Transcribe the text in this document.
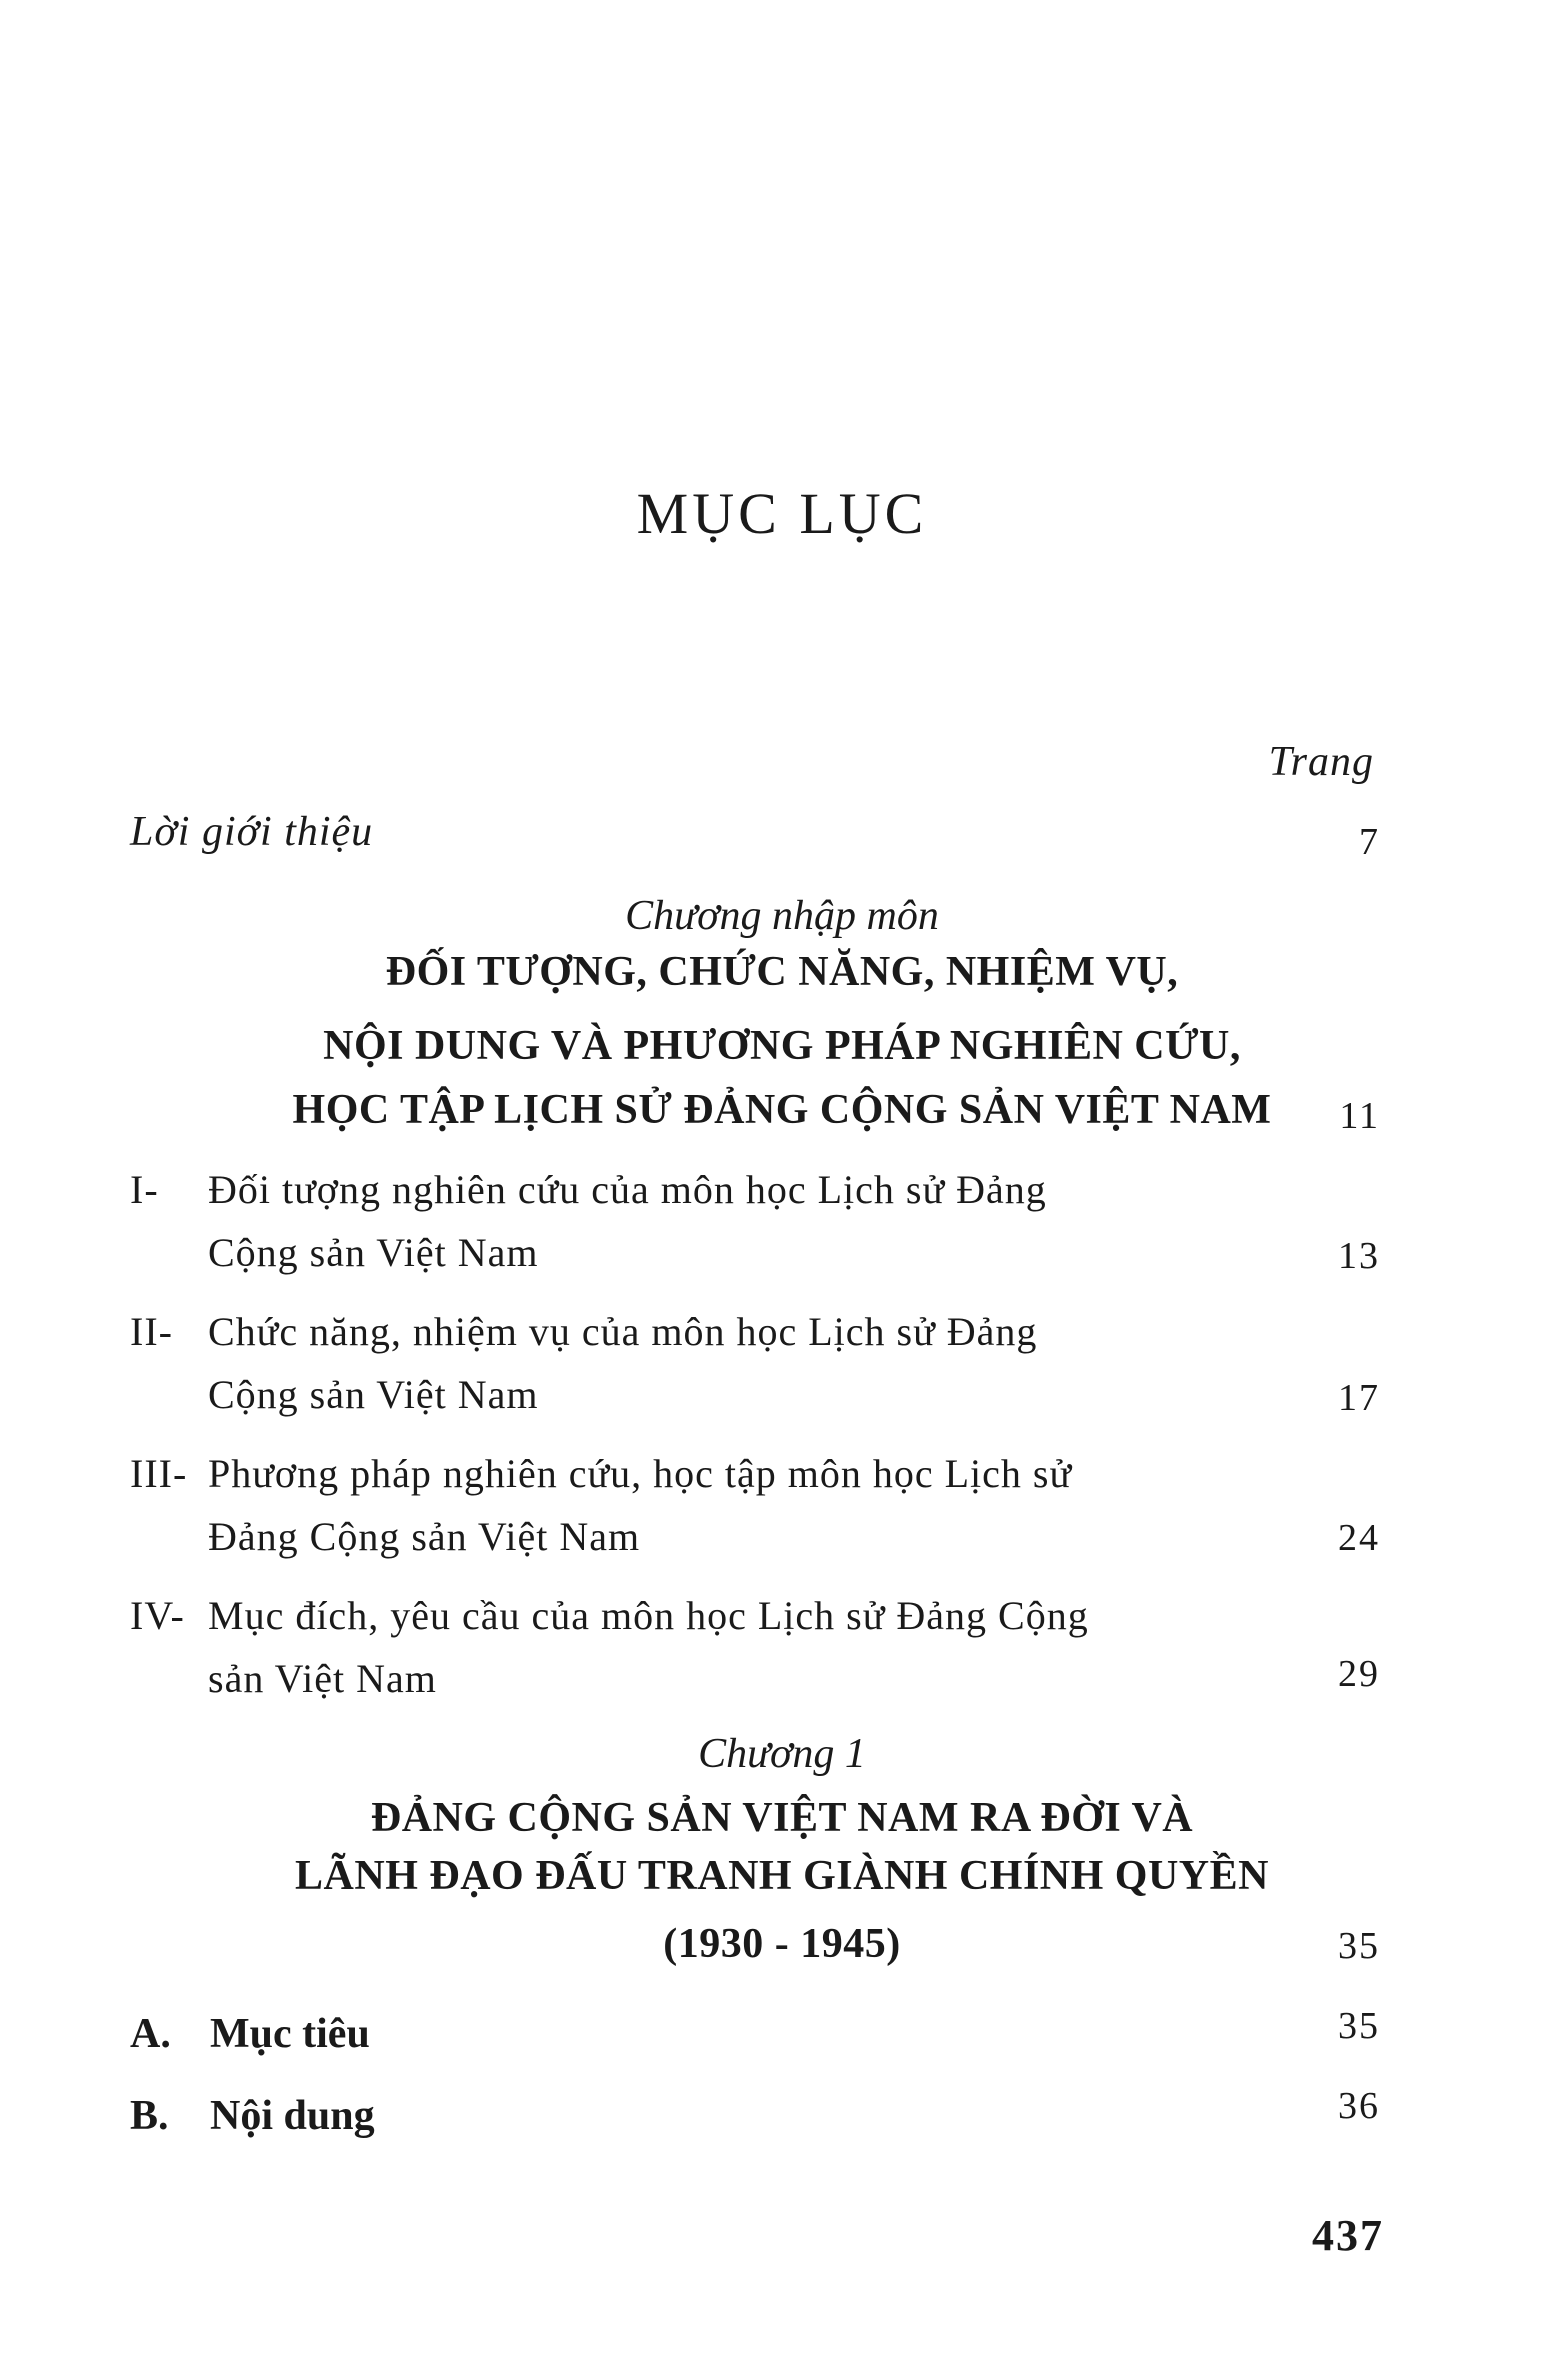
MỤC LỤC
Trang
Lời giới thiệu	7
Chương nhập môn
ĐỐI TƯỢNG, CHỨC NĂNG, NHIỆM VỤ,
NỘI DUNG VÀ PHƯƠNG PHÁP NGHIÊN CỨU,
HỌC TẬP LỊCH SỬ ĐẢNG CỘNG SẢN VIỆT NAM	11
I- Đối tượng nghiên cứu của môn học Lịch sử Đảng
Cộng sản Việt Nam	13
II- Chức năng, nhiệm vụ của môn học Lịch sử Đảng
Cộng sản Việt Nam	17
III- Phương pháp nghiên cứu, học tập môn học Lịch sử
Đảng Cộng sản Việt Nam	24
IV- Mục đích, yêu cầu của môn học Lịch sử Đảng Cộng
sản Việt Nam	29
Chương 1
ĐẢNG CỘNG SẢN VIỆT NAM RA ĐỜI VÀ
LÃNH ĐẠO ĐẤU TRANH GIÀNH CHÍNH QUYỀN
(1930 - 1945)	35
A. Mục tiêu	35
B. Nội dung	36
437
